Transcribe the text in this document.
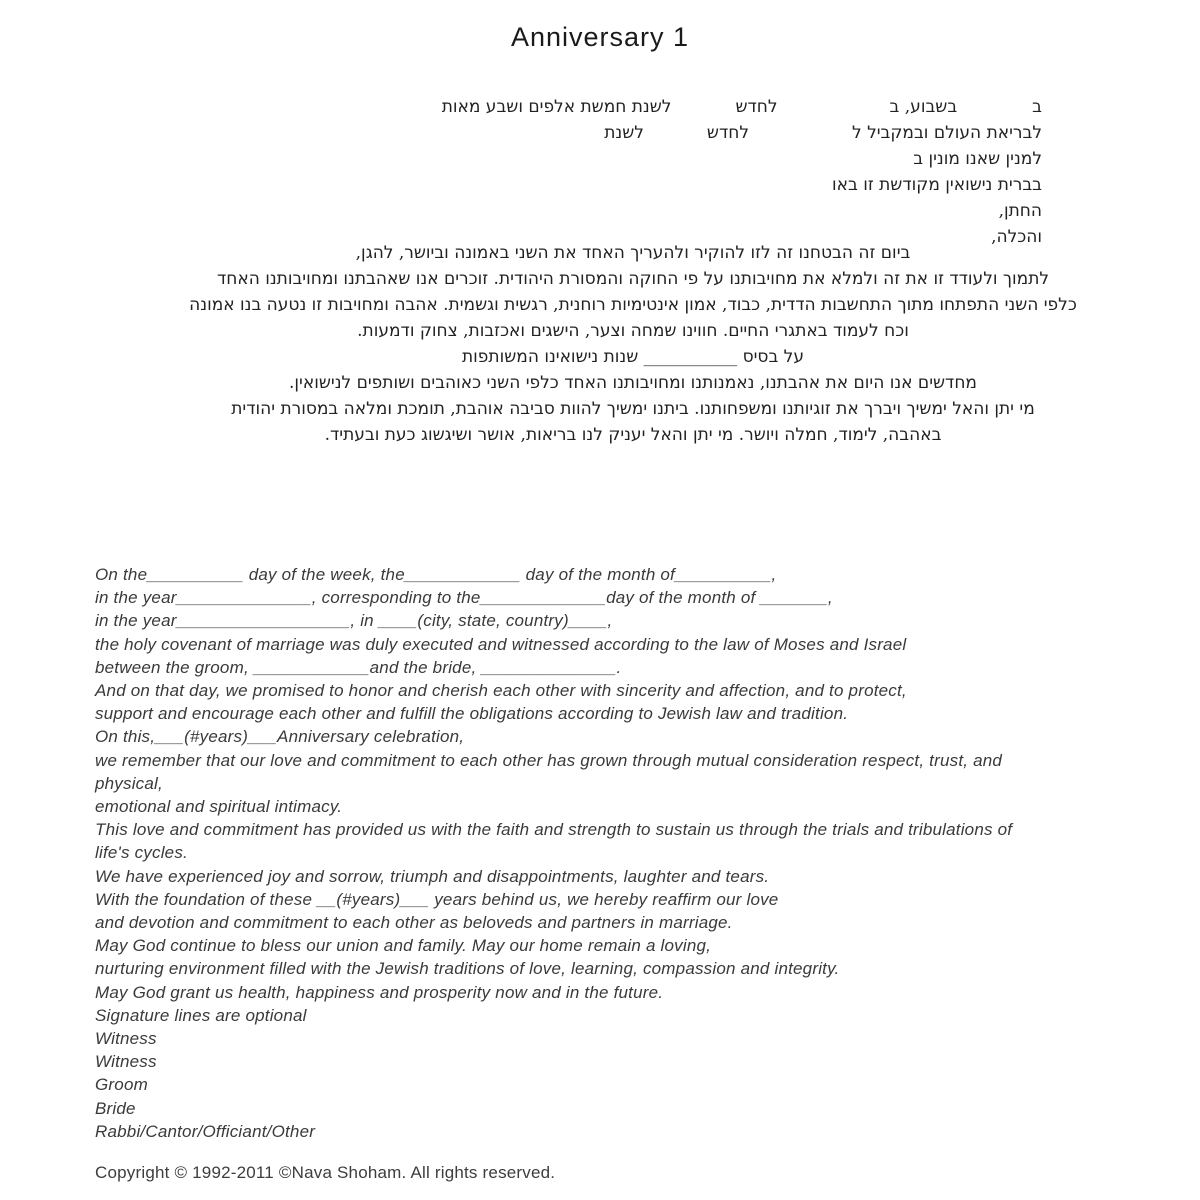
Anniversary 1
בבשבוע, בלחדשלשנת חמשת אלפים ושבע מאות
לבריאת העולם ובמקביל ללחדשלשנת
למנין שאנו מונין ב
בברית נישואין מקודשת זו באו
החתן,
והכלה,
ביום זה הבטחנו זה לזו להוקיר ולהעריך האחד את השני באמונה וביושר, להגן,
לתמוך ולעודד זו את זה ולמלא את מחויבותנו על פי החוקה והמסורת היהודית. זוכרים אנו שאהבתנו ומחויבותנו האחד
כלפי השני התפתחו מתוך התחשבות הדדית, כבוד, אמון אינטימיות רוחנית, רגשית וגשמית. אהבה ומחויבות זו נטעה בנו אמונה
וכח לעמוד באתגרי החיים. חווינו שמחה וצער, הישגים ואכזבות, צחוק ודמעות.
על בסיס ___________ שנות נישואינו המשותפות
מחדשים אנו היום את אהבתנו, נאמנותנו ומחויבותנו האחד כלפי השני כאוהבים ושותפים לנישואין.
מי יתן והאל ימשיך ויברך את זוגיותנו ומשפחותנו. ביתנו ימשיך להוות סביבה אוהבת, תומכת ומלאה במסורת יהודית
באהבה, לימוד, חמלה ויושר. מי יתן והאל יעניק לנו בריאות, אושר ושיגשוג כעת ובעתיד.
On the__________ day of the week, the____________ day of the month of__________,
in the year______________, corresponding to the_____________day of the month of _______,
in the year__________________, in ____(city, state, country)____,
the holy covenant of marriage was duly executed and witnessed according to the law of Moses and Israel
between the groom, ____________and the bride, ______________.
And on that day, we promised to honor and cherish each other with sincerity and affection, and to protect,
support and encourage each other and fulfill the obligations according to Jewish law and tradition.
On this,___(#years)___Anniversary celebration,
we remember that our love and commitment to each other has grown through mutual consideration respect, trust, and
physical,
emotional and spiritual intimacy.
This love and commitment has provided us with the faith and strength to sustain us through the trials and tribulations of
life's cycles.
We have experienced joy and sorrow, triumph and disappointments, laughter and tears.
With the foundation of these __(#years)___ years behind us, we hereby reaffirm our love
and devotion and commitment to each other as beloveds and partners in marriage.
May God continue to bless our union and family. May our home remain a loving,
nurturing environment filled with the Jewish traditions of love, learning, compassion and integrity.
May God grant us health, happiness and prosperity now and in the future.
Signature lines are optional
Witness
Witness
Groom
Bride
Rabbi/Cantor/Officiant/Other
Copyright © 1992-2011 ©Nava Shoham. All rights reserved.
